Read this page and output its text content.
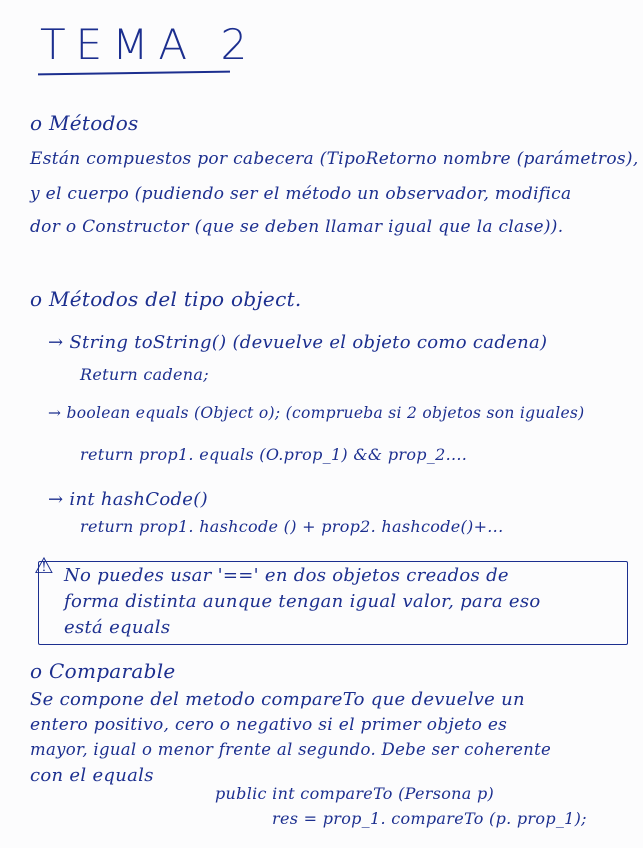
TEMA 2
o Métodos
Están compuestos por cabecera (TipoRetorno nombre (parámetros),
y el cuerpo (pudiendo ser el método un observador, modifica
dor o Constructor (que se deben llamar igual que la clase)).
o Métodos del tipo object.
→ String toString() (devuelve el objeto como cadena)
Return cadena;
→ boolean equals (Object o); (comprueba si 2 objetos son iguales)
return prop1. equals (O.prop_1) && prop_2....
→ int hashCode()
return prop1. hashcode () + prop2. hashcode()+...
⚠ No puedes usar '==' en dos objetos creados de
forma distinta aunque tengan igual valor, para eso
está equals
o Comparable
Se compone del metodo compareTo que devuelve un
entero positivo, cero o negativo si el primer objeto es
mayor, igual o menor frente al segundo. Debe ser coherente
con el equals
public int compareTo (Persona p)
res = prop_1. compareTo (p. prop_1);
